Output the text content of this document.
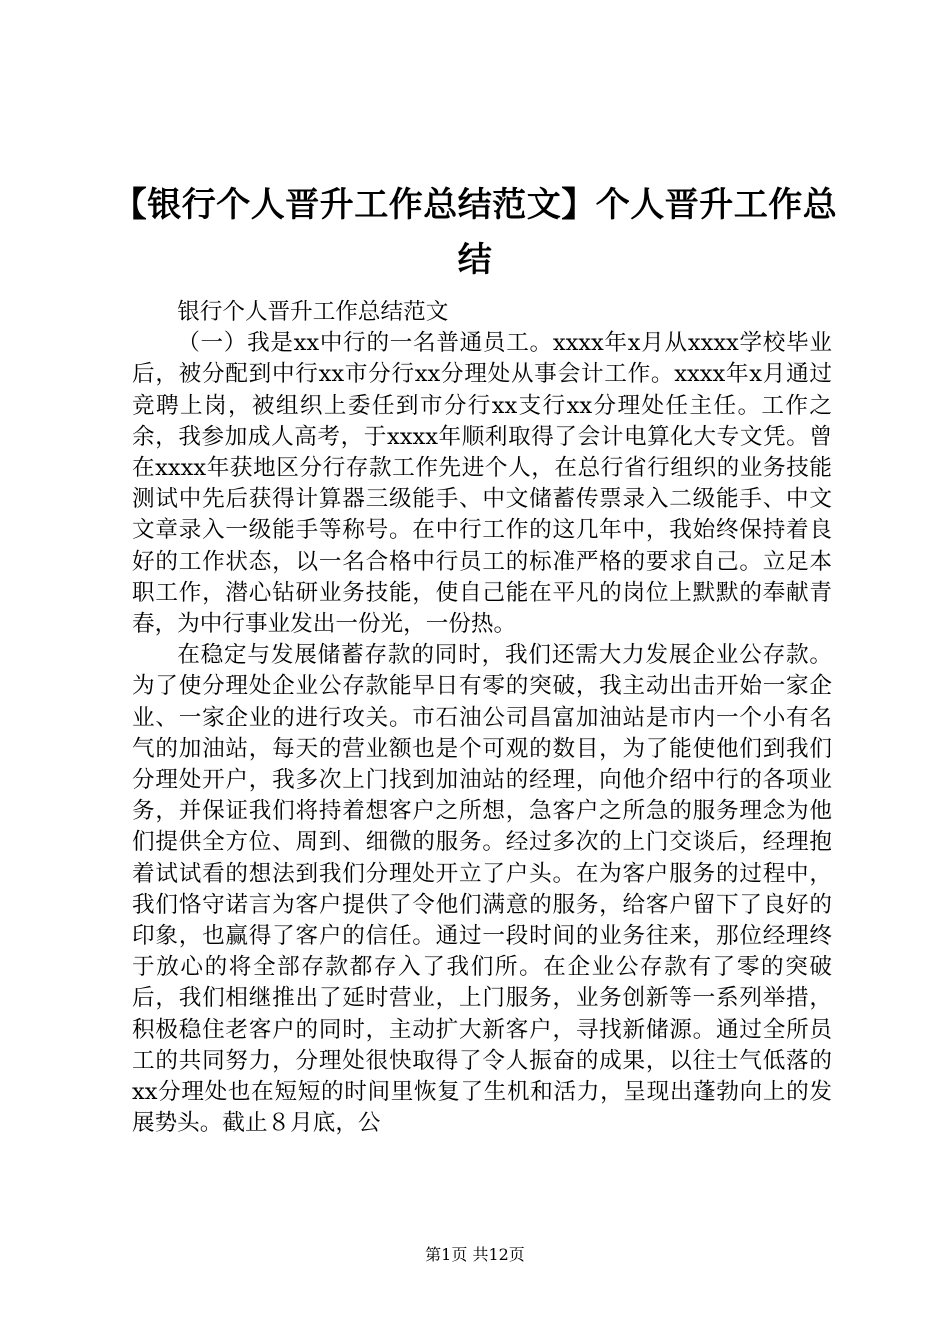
【银行个人晋升工作总结范文】个人晋升工作总结

银行个人晋升工作总结范文

（一）我是xx中行的一名普通员工。xxxx年x月从xxxx学校毕业后，被分配到中行xx市分行xx分理处从事会计工作。xxxx年x月通过竞聘上岗，被组织上委任到市分行xx支行xx分理处任主任。工作之余，我参加成人高考，于xxxx年顺利取得了会计电算化大专文凭。曾在xxxx年获地区分行存款工作先进个人，在总行省行组织的业务技能测试中先后获得计算器三级能手、中文储蓄传票录入二级能手、中文文章录入一级能手等称号。在中行工作的这几年中，我始终保持着良好的工作状态，以一名合格中行员工的标准严格的要求自己。立足本职工作，潜心钻研业务技能，使自己能在平凡的岗位上默默的奉献青春，为中行事业发出一份光，一份热。

在稳定与发展储蓄存款的同时，我们还需大力发展企业公存款。为了使分理处企业公存款能早日有零的突破，我主动出击开始一家企业、一家企业的进行攻关。市石油公司昌富加油站是市内一个小有名气的加油站，每天的营业额也是个可观的数目，为了能使他们到我们分理处开户，我多次上门找到加油站的经理，向他介绍中行的各项业务，并保证我们将持着想客户之所想，急客户之所急的服务理念为他们提供全方位、周到、细微的服务。经过多次的上门交谈后，经理抱着试试看的想法到我们分理处开立了户头。在为客户服务的过程中，我们恪守诺言为客户提供了令他们满意的服务，给客户留下了良好的印象，也赢得了客户的信任。通过一段时间的业务往来，那位经理终于放心的将全部存款都存入了我们所。在企业公存款有了零的突破后，我们相继推出了延时营业，上门服务，业务创新等一系列举措，积极稳住老客户的同时，主动扩大新客户，寻找新储源。通过全所员工的共同努力，分理处很快取得了令人振奋的成果，以往士气低落的xx分理处也在短短的时间里恢复了生机和活力，呈现出蓬勃向上的发展势头。截止８月底，公

第1页 共12页
